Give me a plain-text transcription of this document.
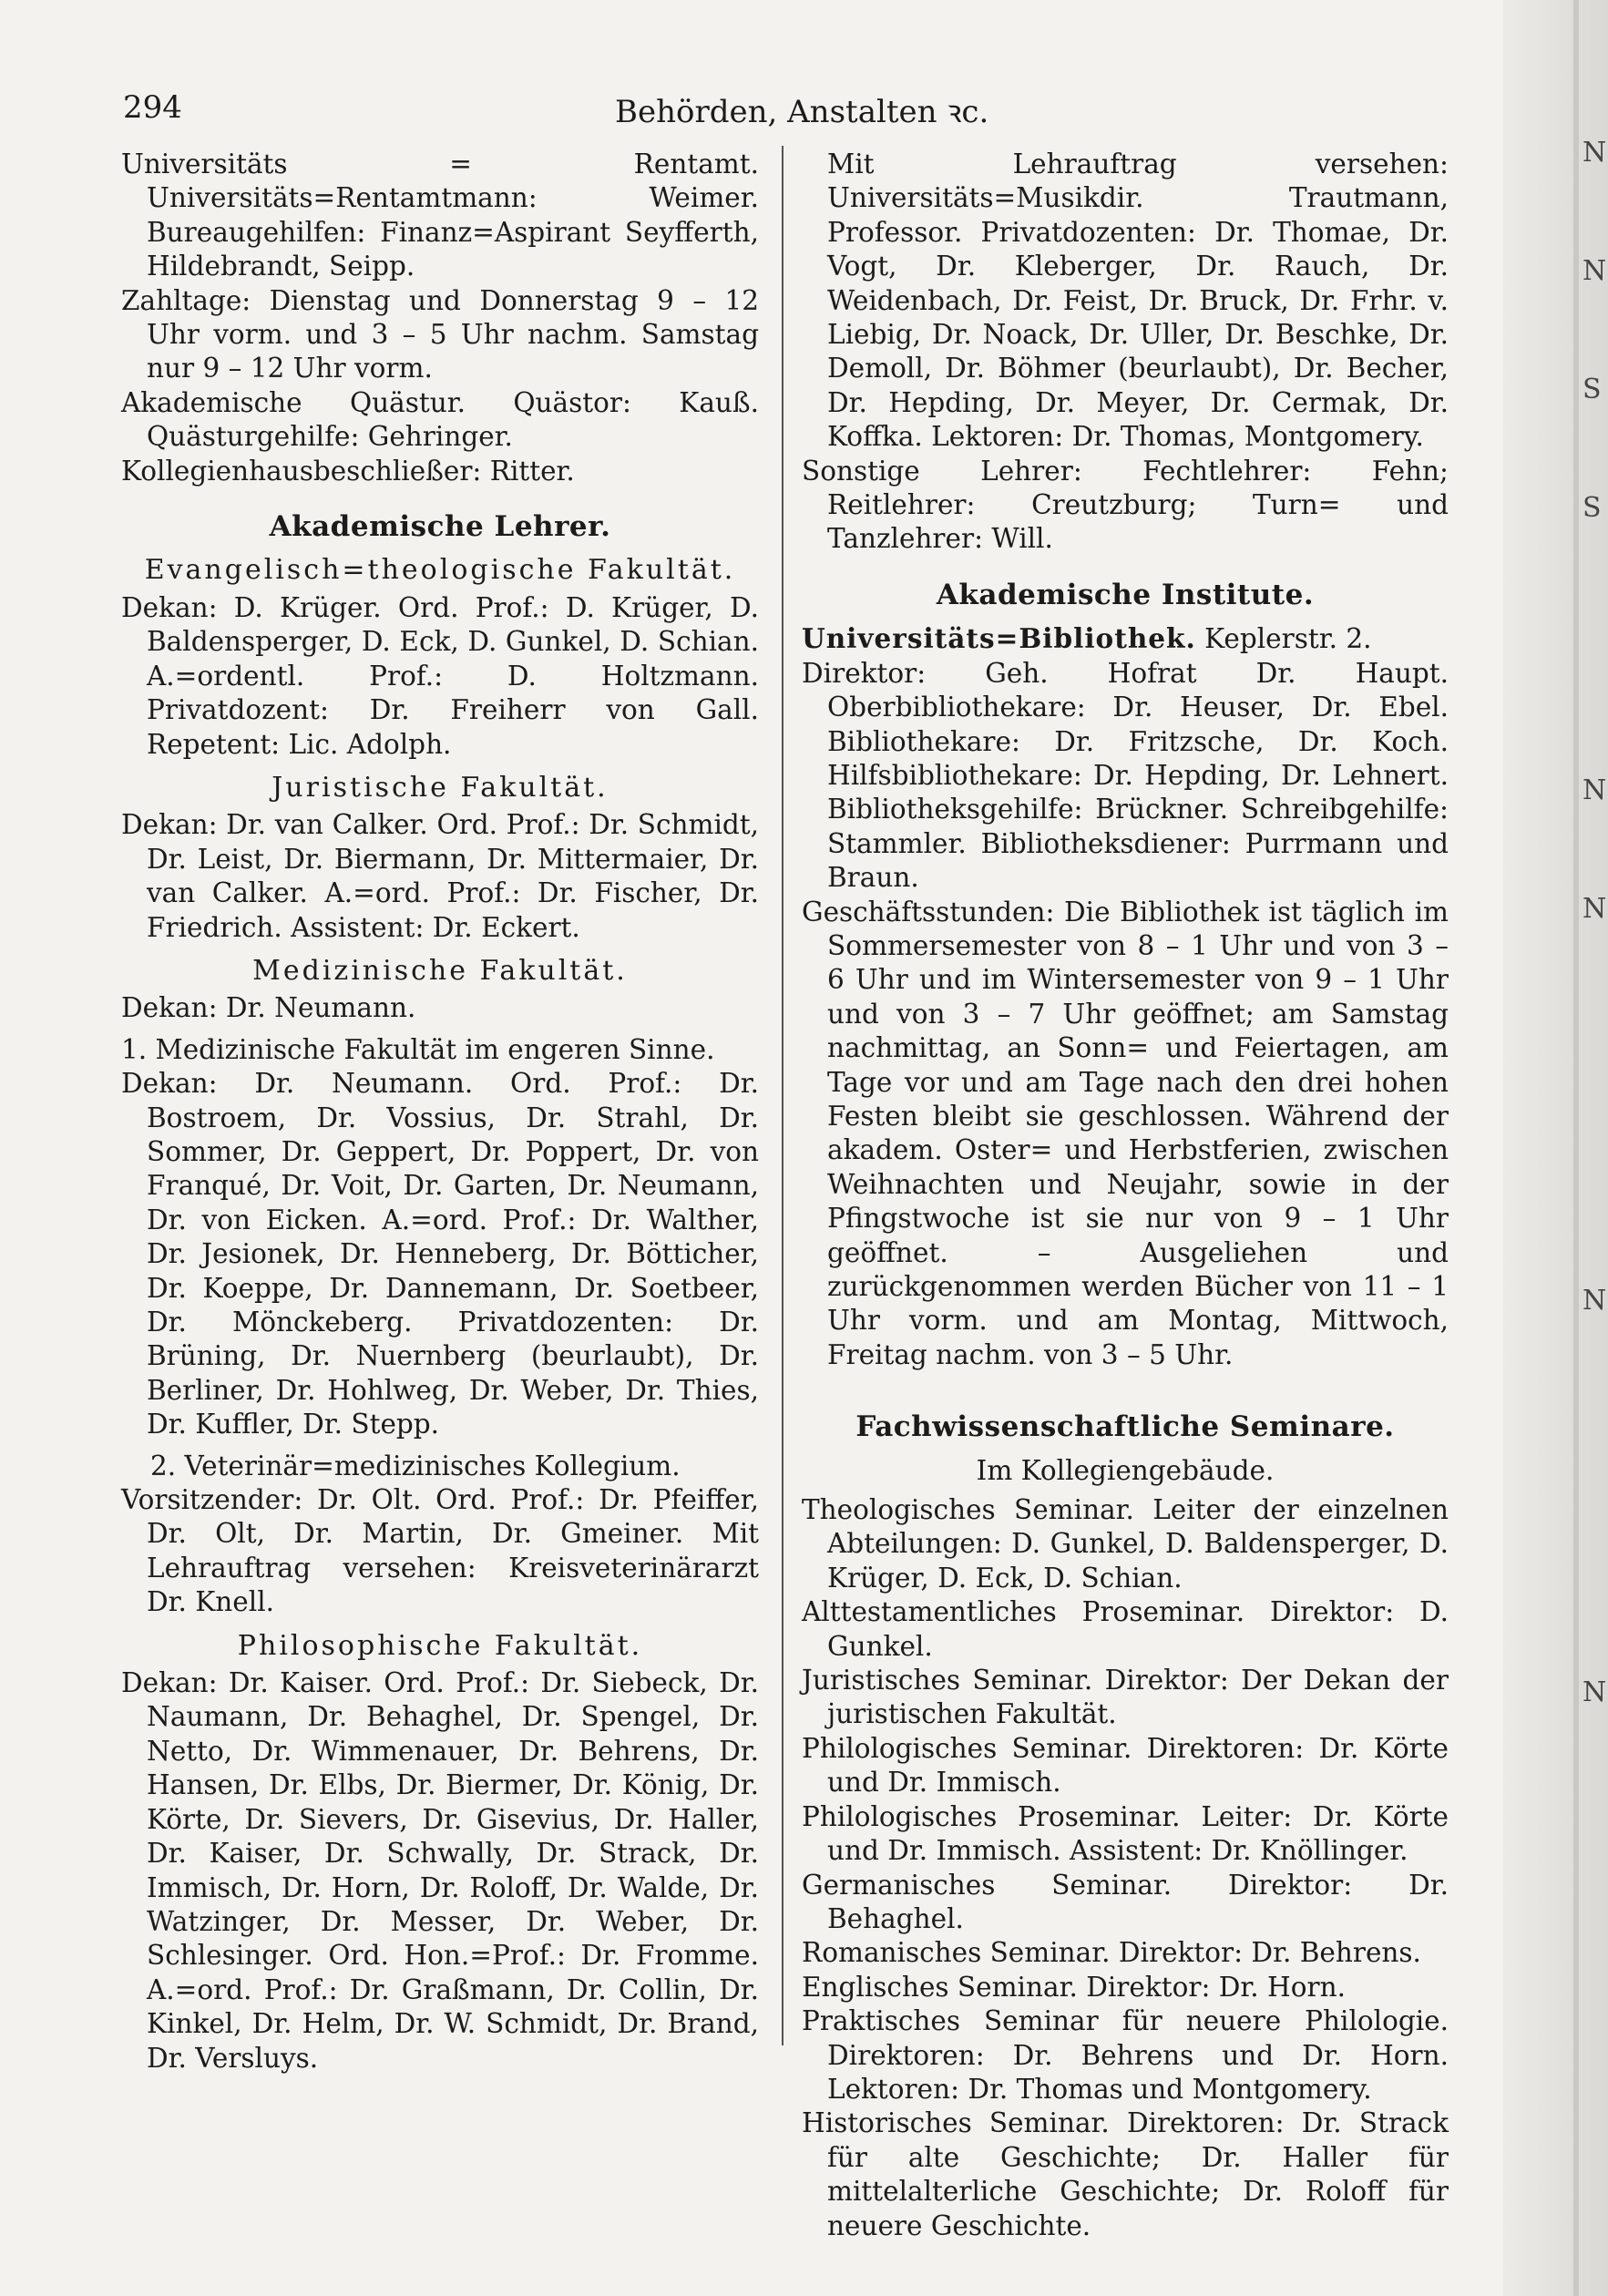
N
N
S
S
N
N
N
N
294	Behörden, Anstalten ꝛc.

Universitäts = Rentamt. Universitäts=Rentamtmann: Weimer. Bureaugehilfen: Finanz=Aspirant Seyfferth, Hildebrandt, Seipp.

Zahltage: Dienstag und Donnerstag 9 – 12 Uhr vorm. und 3 – 5 Uhr nachm. Samstag nur 9 – 12 Uhr vorm.

Akademische Quästur. Quästor: Kauß. Quästurgehilfe: Gehringer.

Kollegienhausbeschließer: Ritter.

Akademische Lehrer.
Evangelisch=theologische Fakultät.

Dekan: D. Krüger. Ord. Prof.: D. Krüger, D. Baldensperger, D. Eck, D. Gunkel, D. Schian. A.=ordentl. Prof.: D. Holtzmann. Privatdozent: Dr. Freiherr von Gall. Repetent: Lic. Adolph.

Juristische Fakultät.

Dekan: Dr. van Calker. Ord. Prof.: Dr. Schmidt, Dr. Leist, Dr. Biermann, Dr. Mittermaier, Dr. van Calker. A.=ord. Prof.: Dr. Fischer, Dr. Friedrich. Assistent: Dr. Eckert.

Medizinische Fakultät.

Dekan: Dr. Neumann.

1. Medizinische Fakultät im engeren Sinne.

Dekan: Dr. Neumann. Ord. Prof.: Dr. Bostroem, Dr. Vossius, Dr. Strahl, Dr. Sommer, Dr. Geppert, Dr. Poppert, Dr. von Franqué, Dr. Voit, Dr. Garten, Dr. Neumann, Dr. von Eicken. A.=ord. Prof.: Dr. Walther, Dr. Jesionek, Dr. Henneberg, Dr. Bötticher, Dr. Koeppe, Dr. Dannemann, Dr. Soetbeer, Dr. Mönckeberg. Privatdozenten: Dr. Brüning, Dr. Nuernberg (beurlaubt), Dr. Berliner, Dr. Hohlweg, Dr. Weber, Dr. Thies, Dr. Kuffler, Dr. Stepp.

2. Veterinär=medizinisches Kollegium.

Vorsitzender: Dr. Olt. Ord. Prof.: Dr. Pfeiffer, Dr. Olt, Dr. Martin, Dr. Gmeiner. Mit Lehrauftrag versehen: Kreisveterinärarzt Dr. Knell.

Philosophische Fakultät.

Dekan: Dr. Kaiser. Ord. Prof.: Dr. Siebeck, Dr. Naumann, Dr. Behaghel, Dr. Spengel, Dr. Netto, Dr. Wimmenauer, Dr. Behrens, Dr. Hansen, Dr. Elbs, Dr. Biermer, Dr. König, Dr. Körte, Dr. Sievers, Dr. Gisevius, Dr. Haller, Dr. Kaiser, Dr. Schwally, Dr. Strack, Dr. Immisch, Dr. Horn, Dr. Roloff, Dr. Walde, Dr. Watzinger, Dr. Messer, Dr. Weber, Dr. Schlesinger. Ord. Hon.=Prof.: Dr. Fromme. A.=ord. Prof.: Dr. Graßmann, Dr. Collin, Dr. Kinkel, Dr. Helm, Dr. W. Schmidt, Dr. Brand, Dr. Versluys.

Mit Lehrauftrag versehen: Universitäts=Musikdir. Trautmann, Professor. Privatdozenten: Dr. Thomae, Dr. Vogt, Dr. Kleberger, Dr. Rauch, Dr. Weidenbach, Dr. Feist, Dr. Bruck, Dr. Frhr. v. Liebig, Dr. Noack, Dr. Uller, Dr. Beschke, Dr. Demoll, Dr. Böhmer (beurlaubt), Dr. Becher, Dr. Hepding, Dr. Meyer, Dr. Cermak, Dr. Koffka. Lektoren: Dr. Thomas, Montgomery.

Sonstige Lehrer: Fechtlehrer: Fehn; Reitlehrer: Creutzburg; Turn= und Tanzlehrer: Will.

Akademische Institute.

Universitäts=Bibliothek. Keplerstr. 2.

Direktor: Geh. Hofrat Dr. Haupt. Oberbibliothekare: Dr. Heuser, Dr. Ebel. Bibliothekare: Dr. Fritzsche, Dr. Koch. Hilfsbibliothekare: Dr. Hepding, Dr. Lehnert. Bibliotheksgehilfe: Brückner. Schreibgehilfe: Stammler. Bibliotheksdiener: Purrmann und Braun.

Geschäftsstunden: Die Bibliothek ist täglich im Sommersemester von 8 – 1 Uhr und von 3 – 6 Uhr und im Wintersemester von 9 – 1 Uhr und von 3 – 7 Uhr geöffnet; am Samstag nachmittag, an Sonn= und Feiertagen, am Tage vor und am Tage nach den drei hohen Festen bleibt sie geschlossen. Während der akadem. Oster= und Herbstferien, zwischen Weihnachten und Neujahr, sowie in der Pfingstwoche ist sie nur von 9 – 1 Uhr geöffnet. – Ausgeliehen und zurückgenommen werden Bücher von 11 – 1 Uhr vorm. und am Montag, Mittwoch, Freitag nachm. von 3 – 5 Uhr.

Fachwissenschaftliche Seminare.

Im Kollegiengebäude.

Theologisches Seminar. Leiter der einzelnen Abteilungen: D. Gunkel, D. Baldensperger, D. Krüger, D. Eck, D. Schian.

Alttestamentliches Proseminar. Direktor: D. Gunkel.

Juristisches Seminar. Direktor: Der Dekan der juristischen Fakultät.

Philologisches Seminar. Direktoren: Dr. Körte und Dr. Immisch.

Philologisches Proseminar. Leiter: Dr. Körte und Dr. Immisch. Assistent: Dr. Knöllinger.

Germanisches Seminar. Direktor: Dr. Behaghel.

Romanisches Seminar. Direktor: Dr. Behrens.

Englisches Seminar. Direktor: Dr. Horn.

Praktisches Seminar für neuere Philologie. Direktoren: Dr. Behrens und Dr. Horn. Lektoren: Dr. Thomas und Montgomery.

Historisches Seminar. Direktoren: Dr. Strack für alte Geschichte; Dr. Haller für mittelalterliche Geschichte; Dr. Roloff für neuere Geschichte.
